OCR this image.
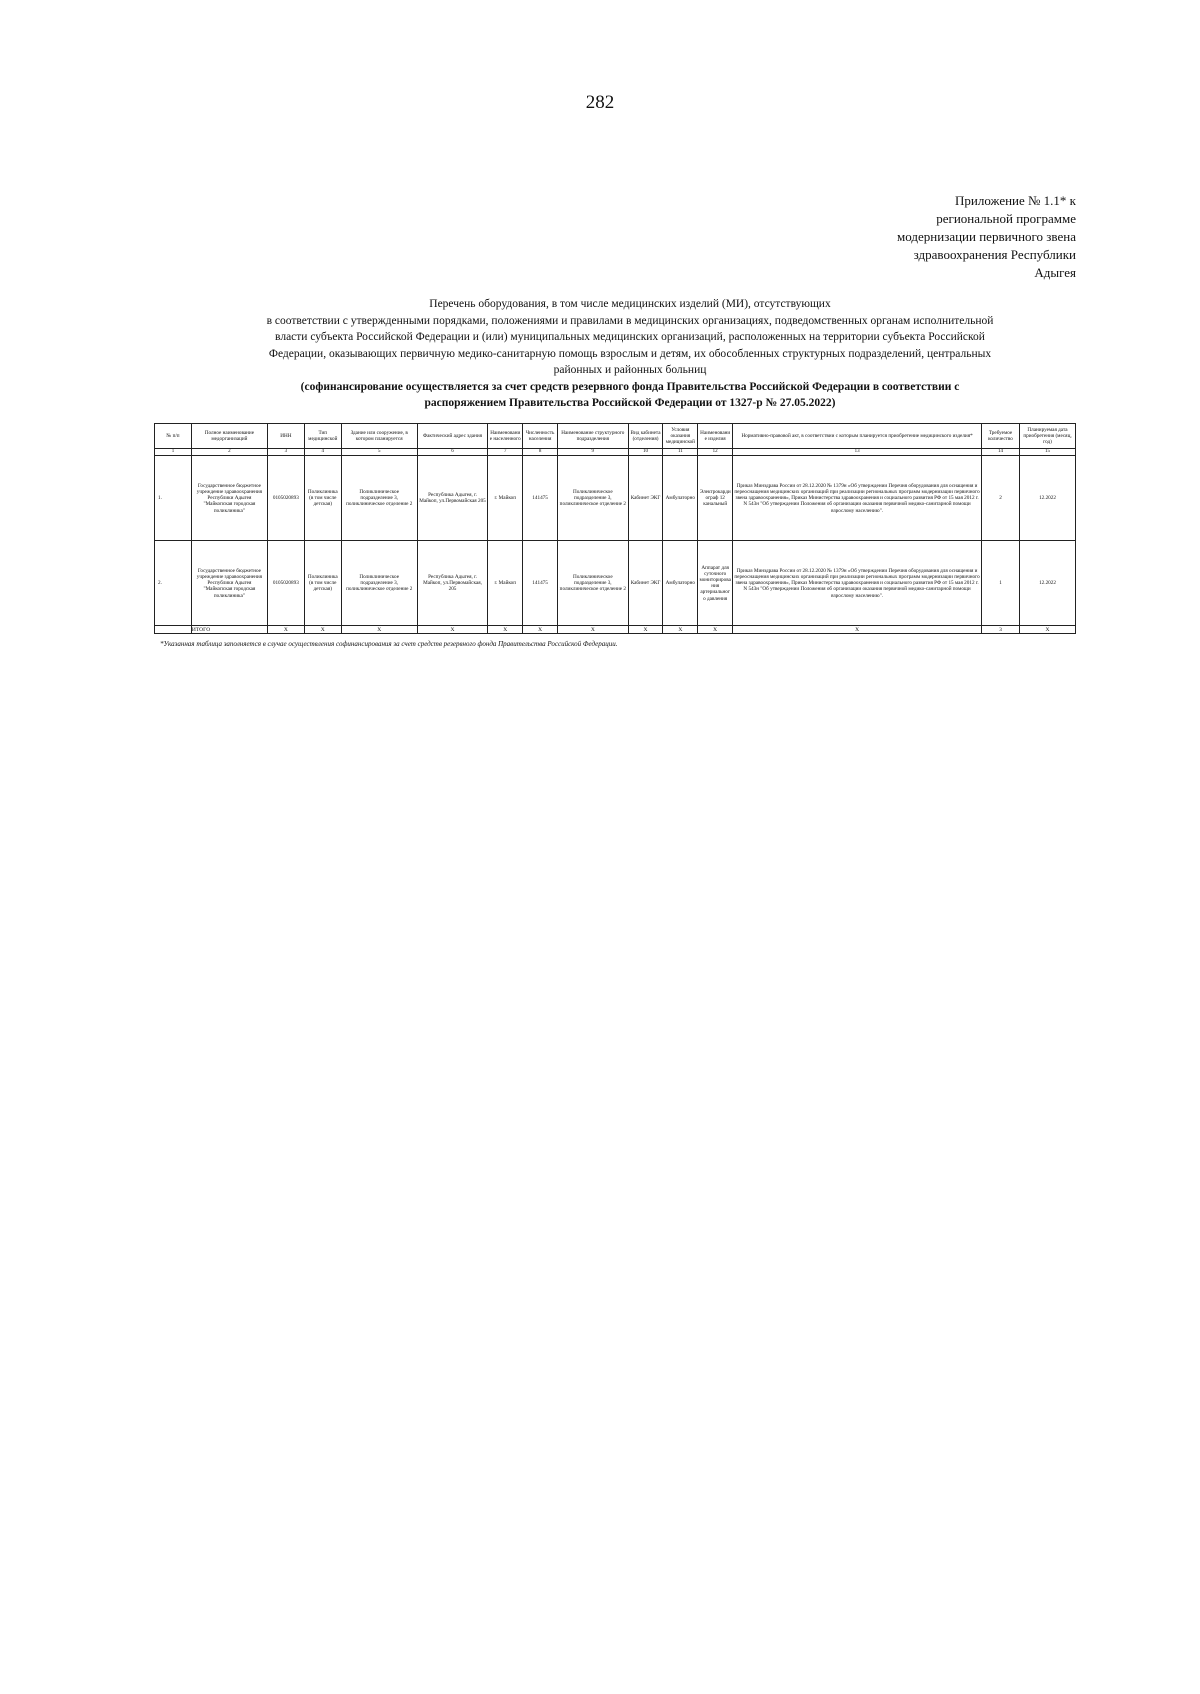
282
Приложение № 1.1* к
региональной программе
модернизации первичного звена
здравоохранения Республики
Адыгея
Перечень оборудования, в том числе медицинских изделий (МИ), отсутствующих
в соответствии с утвержденными порядками, положениями и правилами в медицинских организациях, подведомственных органам исполнительной
власти субъекта Российской Федерации и (или) муниципальных медицинских организаций, расположенных на территории субъекта Российской
Федерации, оказывающих первичную медико-санитарную помощь взрослым и детям, их обособленных структурных подразделений, центральных
районных и районных больниц
(софинансирование осуществляется за счет средств резервного фонда Правительства Российской Федерации в соответствии с
распоряжением Правительства Российской Федерации от 1327-р № 27.05.2022)
№ п/п	Полное наименование медорганизаций	ИНН	Тип медицинской	Здание или сооружение, в котором планируется	Фактический адрес здания	Наименование населенного	Численность населения	Наименование структурного подразделения	Вид кабинета (отделения)	Условия оказания медицинской	Наименование изделия	Нормативно-правовой акт, в соответствии с которым планируется приобретение медицинского изделия*	Требуемое количество	Планируемая дата приобретения (месяц, год)
1	2	3	4	5	6	7	8	9	10	11	12	13	14	15
1.	Государственное бюджетное учреждение здравоохранения Республики Адыгея "Майкопская городская поликлиника"	0105020893	Поликлиника (в том числе детская)	Поликлиническое подразделение 3, поликлиническое отделение 2	Республика Адыгея, г. Майкоп, ул.Первомайская 205	г. Майкоп	141475	Поликлиническое подразделение 3, поликлиническое отделение 2	Кабинет ЭКГ	Амбулаторно	Электрокардиограф 12 канальный	Приказ Минздрава России от 28.12.2020 № 1379н «Об утверждении Перечня оборудования для оснащения и переоснащения медицинских организаций при реализации региональных программ модернизации первичного звена здравоохранения», Приказ Министерства здравоохранения и социального развития РФ от 15 мая 2012 г. N 543н "Об утверждении Положения об организации оказания первичной медико-санитарной помощи взрослому населению".	2	12.2022
2.	Государственное бюджетное учреждение здравоохранения Республики Адыгея "Майкопская городская поликлиника"	0105020893	Поликлиника (в том числе детская)	Поликлиническое подразделение 3, поликлиническое отделение 2	Республика Адыгея, г. Майкоп, ул.Первомайская, 205	г. Майкоп	141475	Поликлиническое подразделение 3, поликлиническое отделение 2	Кабинет ЭКГ	Амбулаторно	Аппарат для суточного мониторирования артериального давления	Приказ Минздрава России от 28.12.2020 № 1379н «Об утверждении Перечня оборудования для оснащения и переоснащения медицинских организаций при реализации региональных программ модернизации первичного звена здравоохранения», Приказ Министерства здравоохранения и социального развития РФ от 15 мая 2012 г. N 543н "Об утверждении Положения об организации оказания первичной медико-санитарной помощи взрослому населению".	1	12.2022
	ИТОГО	X	X	X	X	X	X	X	X	X	X	X	3	X
*Указанная таблица заполняется в случае осуществления софинансирования за счет средств резервного фонда Правительства Российской Федерации.
